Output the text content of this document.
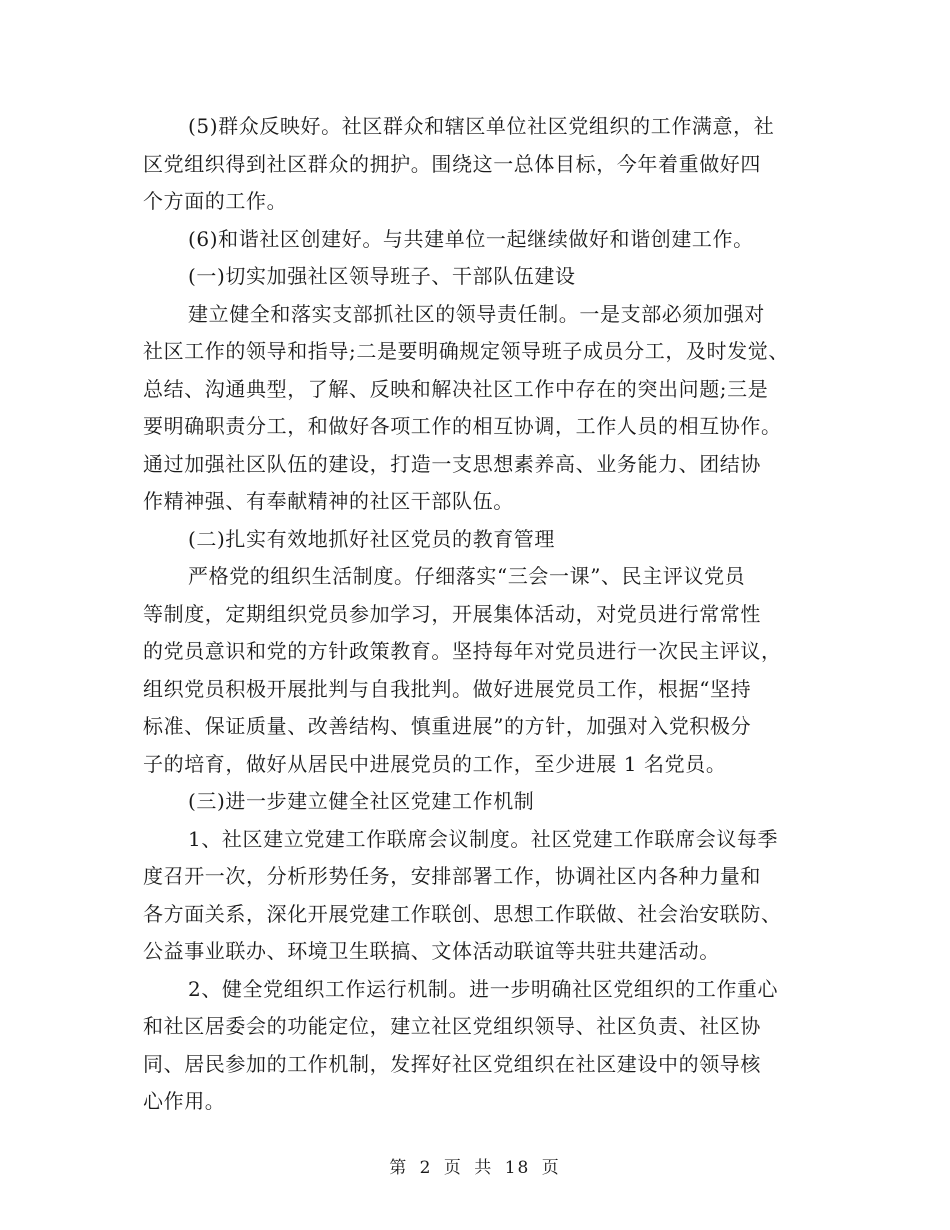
(5)群众反映好。社区群众和辖区单位社区党组织的工作满意，社
区党组织得到社区群众的拥护。围绕这一总体目标，今年着重做好四
个方面的工作。

(6)和谐社区创建好。与共建单位一起继续做好和谐创建工作。

(一)切实加强社区领导班子、干部队伍建设

建立健全和落实支部抓社区的领导责任制。一是支部必须加强对
社区工作的领导和指导;二是要明确规定领导班子成员分工，及时发觉、
总结、沟通典型，了解、反映和解决社区工作中存在的突出问题;三是
要明确职责分工，和做好各项工作的相互协调，工作人员的相互协作。
通过加强社区队伍的建设，打造一支思想素养高、业务能力、团结协
作精神强、有奉献精神的社区干部队伍。

(二)扎实有效地抓好社区党员的教育管理

严格党的组织生活制度。仔细落实“三会一课”、民主评议党员
等制度，定期组织党员参加学习，开展集体活动，对党员进行常常性
的党员意识和党的方针政策教育。坚持每年对党员进行一次民主评议，
组织党员积极开展批判与自我批判。做好进展党员工作，根据“坚持
标准、保证质量、改善结构、慎重进展”的方针，加强对入党积极分
子的培育，做好从居民中进展党员的工作，至少进展 1 名党员。

(三)进一步建立健全社区党建工作机制

1、社区建立党建工作联席会议制度。社区党建工作联席会议每季
度召开一次，分析形势任务，安排部署工作，协调社区内各种力量和
各方面关系，深化开展党建工作联创、思想工作联做、社会治安联防、
公益事业联办、环境卫生联搞、文体活动联谊等共驻共建活动。

2、健全党组织工作运行机制。进一步明确社区党组织的工作重心
和社区居委会的功能定位，建立社区党组织领导、社区负责、社区协
同、居民参加的工作机制，发挥好社区党组织在社区建设中的领导核
心作用。

第 2 页 共 18 页
